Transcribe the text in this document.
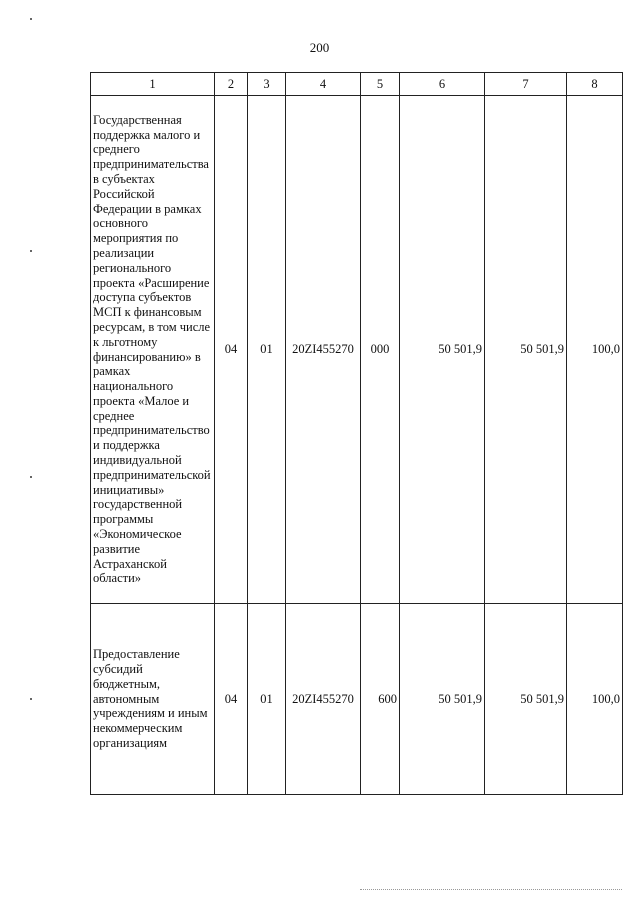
200
1	2	3	4	5	6	7	8
Государственная поддержка малого и среднего предпринимательства в субъектах Российской Федерации в рамках основного мероприятия по реализации регионального проекта «Расширение доступа субъектов МСП к финансовым ресурсам, в том числе к льготному финансированию» в рамках национального проекта «Малое и среднее предпринимательство и поддержка индивидуальной предпринимательской инициативы» государственной программы «Экономическое развитие Астраханской области»	04	01	20ZI455270	000	50 501,9	50 501,9	100,0
Предоставление субсидий бюджетным, автономным учреждениям и иным некоммерческим организациям	04	01	20ZI455270	600	50 501,9	50 501,9	100,0
